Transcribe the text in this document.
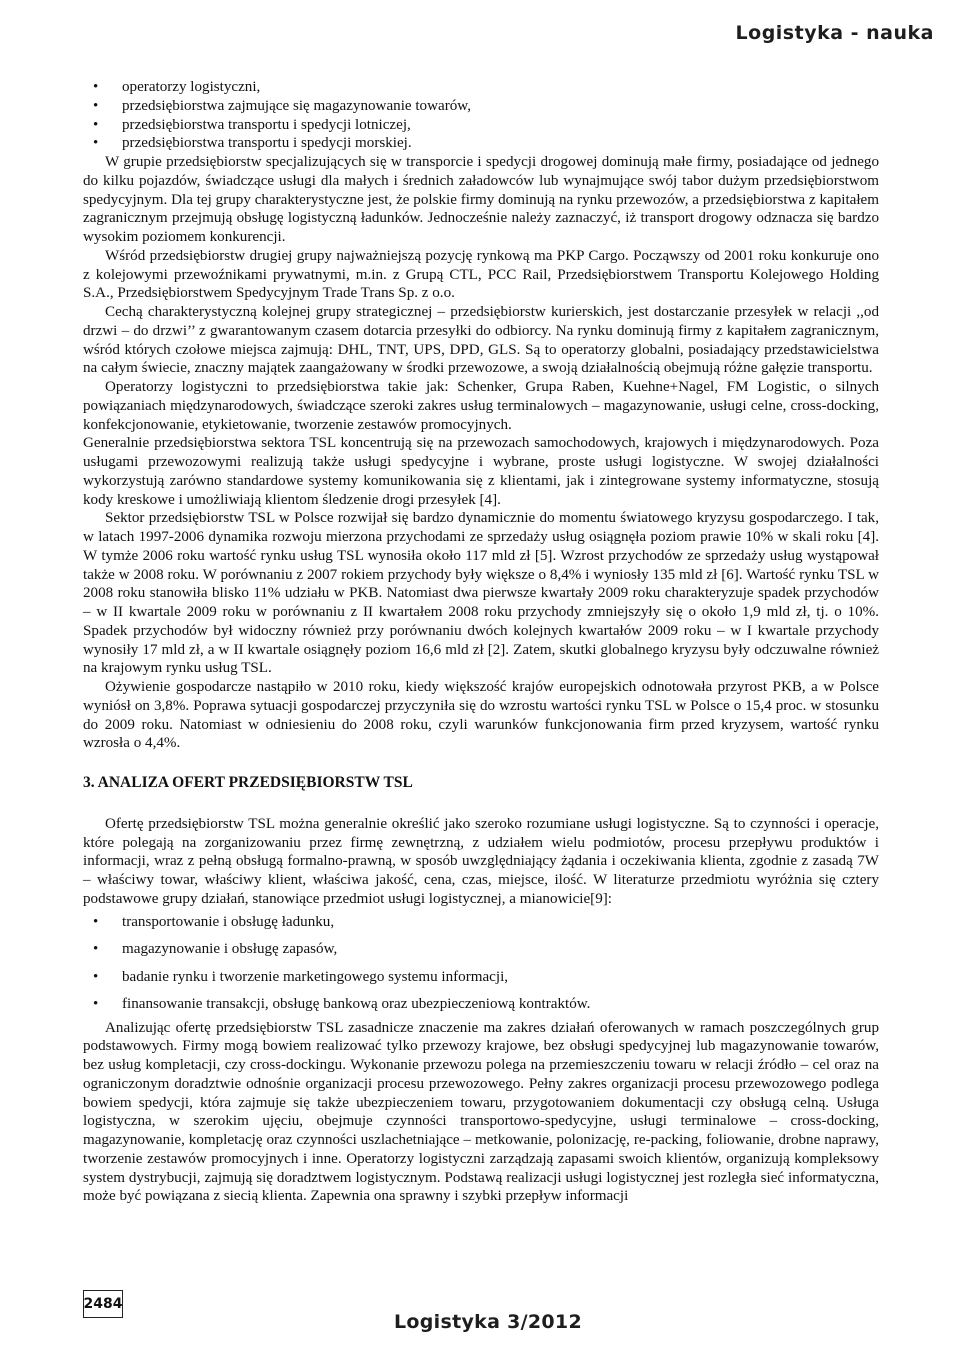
Logistyka - nauka
• operatorzy logistyczni,
• przedsiębiorstwa zajmujące się magazynowanie towarów,
• przedsiębiorstwa transportu i spedycji lotniczej,
• przedsiębiorstwa transportu i spedycji morskiej.

W grupie przedsiębiorstw specjalizujących się w transporcie i spedycji drogowej dominują małe firmy, posiadające od jednego do kilku pojazdów, świadczące usługi dla małych i średnich załadowców lub wynajmujące swój tabor dużym przedsiębiorstwom spedycyjnym. Dla tej grupy charakterystyczne jest, że polskie firmy dominują na rynku przewozów, a przedsiębiorstwa z kapitałem zagranicznym przejmują obsługę logistyczną ładunków. Jednocześnie należy zaznaczyć, iż transport drogowy odznacza się bardzo wysokim poziomem konkurencji.

Wśród przedsiębiorstw drugiej grupy najważniejszą pozycję rynkową ma PKP Cargo. Począwszy od 2001 roku konkuruje ono z kolejowymi przewoźnikami prywatnymi, m.in. z Grupą CTL, PCC Rail, Przedsiębiorstwem Transportu Kolejowego Holding S.A., Przedsiębiorstwem Spedycyjnym Trade Trans Sp. z o.o.

Cechą charakterystyczną kolejnej grupy strategicznej – przedsiębiorstw kurierskich, jest dostarczanie przesyłek w relacji ,,od drzwi – do drzwi’’ z gwarantowanym czasem dotarcia przesyłki do odbiorcy. Na rynku dominują firmy z kapitałem zagranicznym, wśród których czołowe miejsca zajmują: DHL, TNT, UPS, DPD, GLS. Są to operatorzy globalni, posiadający przedstawicielstwa na całym świecie, znaczny majątek zaangażowany w środki przewozowe, a swoją działalnością obejmują różne gałęzie transportu.

Operatorzy logistyczni to przedsiębiorstwa takie jak: Schenker, Grupa Raben, Kuehne+Nagel, FM Logistic, o silnych powiązaniach międzynarodowych, świadczące szeroki zakres usług terminalowych – magazynowanie, usługi celne, cross-docking, konfekcjonowanie, etykietowanie, tworzenie zestawów promocyjnych.

Generalnie przedsiębiorstwa sektora TSL koncentrują się na przewozach samochodowych, krajowych i międzynarodowych. Poza usługami przewozowymi realizują także usługi spedycyjne i wybrane, proste usługi logistyczne. W swojej działalności wykorzystują zarówno standardowe systemy komunikowania się z klientami, jak i zintegrowane systemy informatyczne, stosują kody kreskowe i umożliwiają klientom śledzenie drogi przesyłek [4].

Sektor przedsiębiorstw TSL w Polsce rozwijał się bardzo dynamicznie do momentu światowego kryzysu gospodarczego. I tak, w latach 1997-2006 dynamika rozwoju mierzona przychodami ze sprzedaży usług osiągnęła poziom prawie 10% w skali roku [4]. W tymże 2006 roku wartość rynku usług TSL wynosiła około 117 mld zł [5]. Wzrost przychodów ze sprzedaży usług wystąpował także w 2008 roku. W porównaniu z 2007 rokiem przychody były większe o 8,4% i wyniosły 135 mld zł [6]. Wartość rynku TSL w 2008 roku stanowiła blisko 11% udziału w PKB. Natomiast dwa pierwsze kwartały 2009 roku charakteryzuje spadek przychodów – w II kwartale 2009 roku w porównaniu z II kwartałem 2008 roku przychody zmniejszyły się o około 1,9 mld zł, tj. o 10%. Spadek przychodów był widoczny również przy porównaniu dwóch kolejnych kwartałów 2009 roku – w I kwartale przychody wynosiły 17 mld zł, a w II kwartale osiągnęły poziom 16,6 mld zł [2]. Zatem, skutki globalnego kryzysu były odczuwalne również na krajowym rynku usług TSL.

Ożywienie gospodarcze nastąpiło w 2010 roku, kiedy większość krajów europejskich odnotowała przyrost PKB, a w Polsce wyniósł on 3,8%. Poprawa sytuacji gospodarczej przyczyniła się do wzrostu wartości rynku TSL w Polsce o 15,4 proc. w stosunku do 2009 roku. Natomiast w odniesieniu do 2008 roku, czyli warunków funkcjonowania firm przed kryzysem, wartość rynku wzrosła o 4,4%.

3. ANALIZA OFERT PRZEDSIĘBIORSTW TSL

Ofertę przedsiębiorstw TSL można generalnie określić jako szeroko rozumiane usługi logistyczne. Są to czynności i operacje, które polegają na zorganizowaniu przez firmę zewnętrzną, z udziałem wielu podmiotów, procesu przepływu produktów i informacji, wraz z pełną obsługą formalno-prawną, w sposób uwzględniający żądania i oczekiwania klienta, zgodnie z zasadą 7W – właściwy towar, właściwy klient, właściwa jakość, cena, czas, miejsce, ilość. W literaturze przedmiotu wyróżnia się cztery podstawowe grupy działań, stanowiące przedmiot usługi logistycznej, a mianowicie[9]:

• transportowanie i obsługę ładunku,
• magazynowanie i obsługę zapasów,
• badanie rynku i tworzenie marketingowego systemu informacji,
• finansowanie transakcji, obsługę bankową oraz ubezpieczeniową kontraktów.

Analizując ofertę przedsiębiorstw TSL zasadnicze znaczenie ma zakres działań oferowanych w ramach poszczególnych grup podstawowych. Firmy mogą bowiem realizować tylko przewozy krajowe, bez obsługi spedycyjnej lub magazynowanie towarów, bez usług kompletacji, czy cross-dockingu. Wykonanie przewozu polega na przemieszczeniu towaru w relacji źródło – cel oraz na ograniczonym doradztwie odnośnie organizacji procesu przewozowego. Pełny zakres organizacji procesu przewozowego podlega bowiem spedycji, która zajmuje się także ubezpieczeniem towaru, przygotowaniem dokumentacji czy obsługą celną. Usługa logistyczna, w szerokim ujęciu, obejmuje czynności transportowo-spedycyjne, usługi terminalowe – cross-docking, magazynowanie, kompletację oraz czynności uszlachetniające – metkowanie, polonizację, re-packing, foliowanie, drobne naprawy, tworzenie zestawów promocyjnych i inne. Operatorzy logistyczni zarządzają zapasami swoich klientów, organizują kompleksowy system dystrybucji, zajmują się doradztwem logistycznym. Podstawą realizacji usługi logistycznej jest rozległa sieć informatyczna, może być powiązana z siecią klienta. Zapewnia ona sprawny i szybki przepływ informacji

2484
Logistyka 3/2012
